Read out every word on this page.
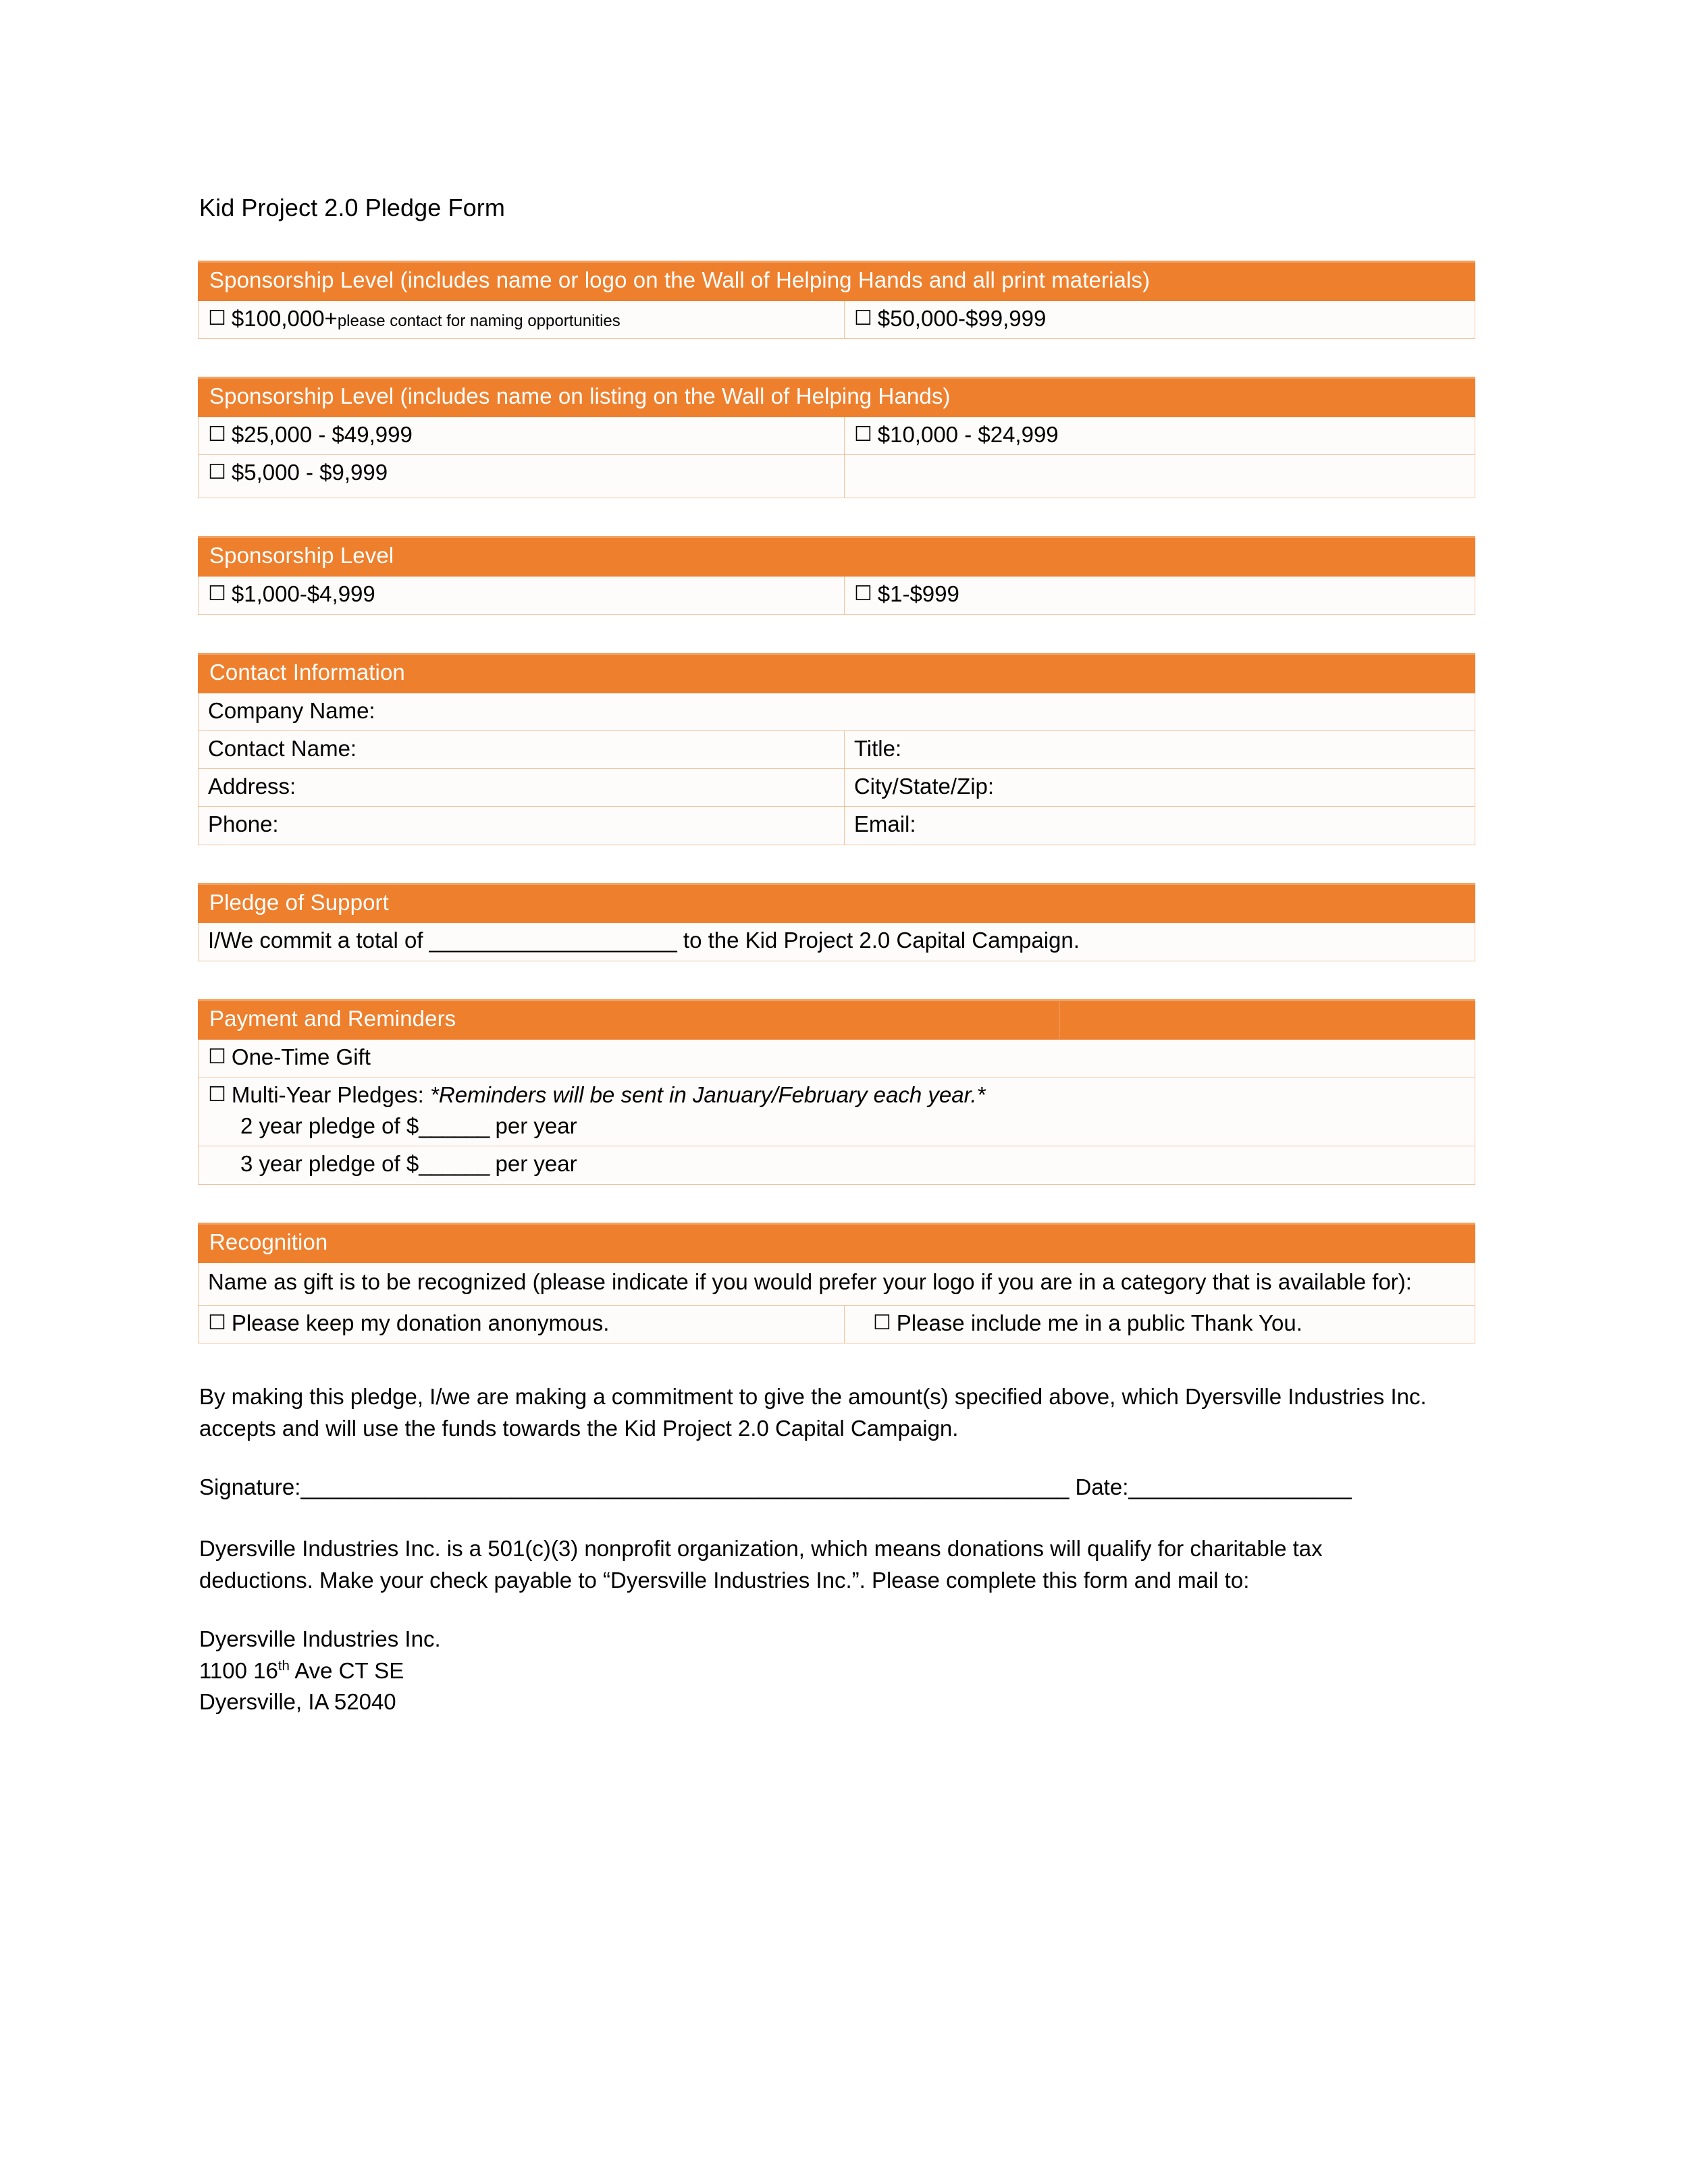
Kid Project 2.0 Pledge Form
Sponsorship Level (includes name or logo on the Wall of Helping Hands and all print materials)

☐ $100,000+please contact for naming opportunities	☐ $50,000-$99,999
Sponsorship Level (includes name on listing on the Wall of Helping Hands)	

☐ $25,000 - $49,999	☐ $10,000 - $24,999

☐ $5,000 - $9,999	

Sponsorship Level

☐ $1,000-$4,999	☐ $1-$999
Contact Information	

Company Name:	

Contact Name:	Title:

Address:	City/State/Zip:

Phone:	Email:
Pledge of Support

I/We commit a total of ____________________ to the Kid Project 2.0 Capital Campaign.
Payment and Reminders	

☐ One-Time Gift

☐ Multi-Year Pledges: *Reminders will be sent in January/February each year.*
2 year pledge of $______ per year

3 year pledge of $______ per year
Recognition

Name as gift is to be recognized (please indicate if you would prefer your logo if you are in a category that is available for):

☐ Please keep my donation anonymous.	☐ Please include me in a public Thank You.

By making this pledge, I/we are making a commitment to give the amount(s) specified above, which Dyersville Industries Inc. accepts and will use the funds towards the Kid Project 2.0 Capital Campaign.

Signature:______________________________________________________________ Date:__________________

Dyersville Industries Inc. is a 501(c)(3) nonprofit organization, which means donations will qualify for charitable tax deductions. Make your check payable to “Dyersville Industries Inc.”. Please complete this form and mail to:

Dyersville Industries Inc.
1100 16th Ave CT SE
Dyersville, IA 52040
